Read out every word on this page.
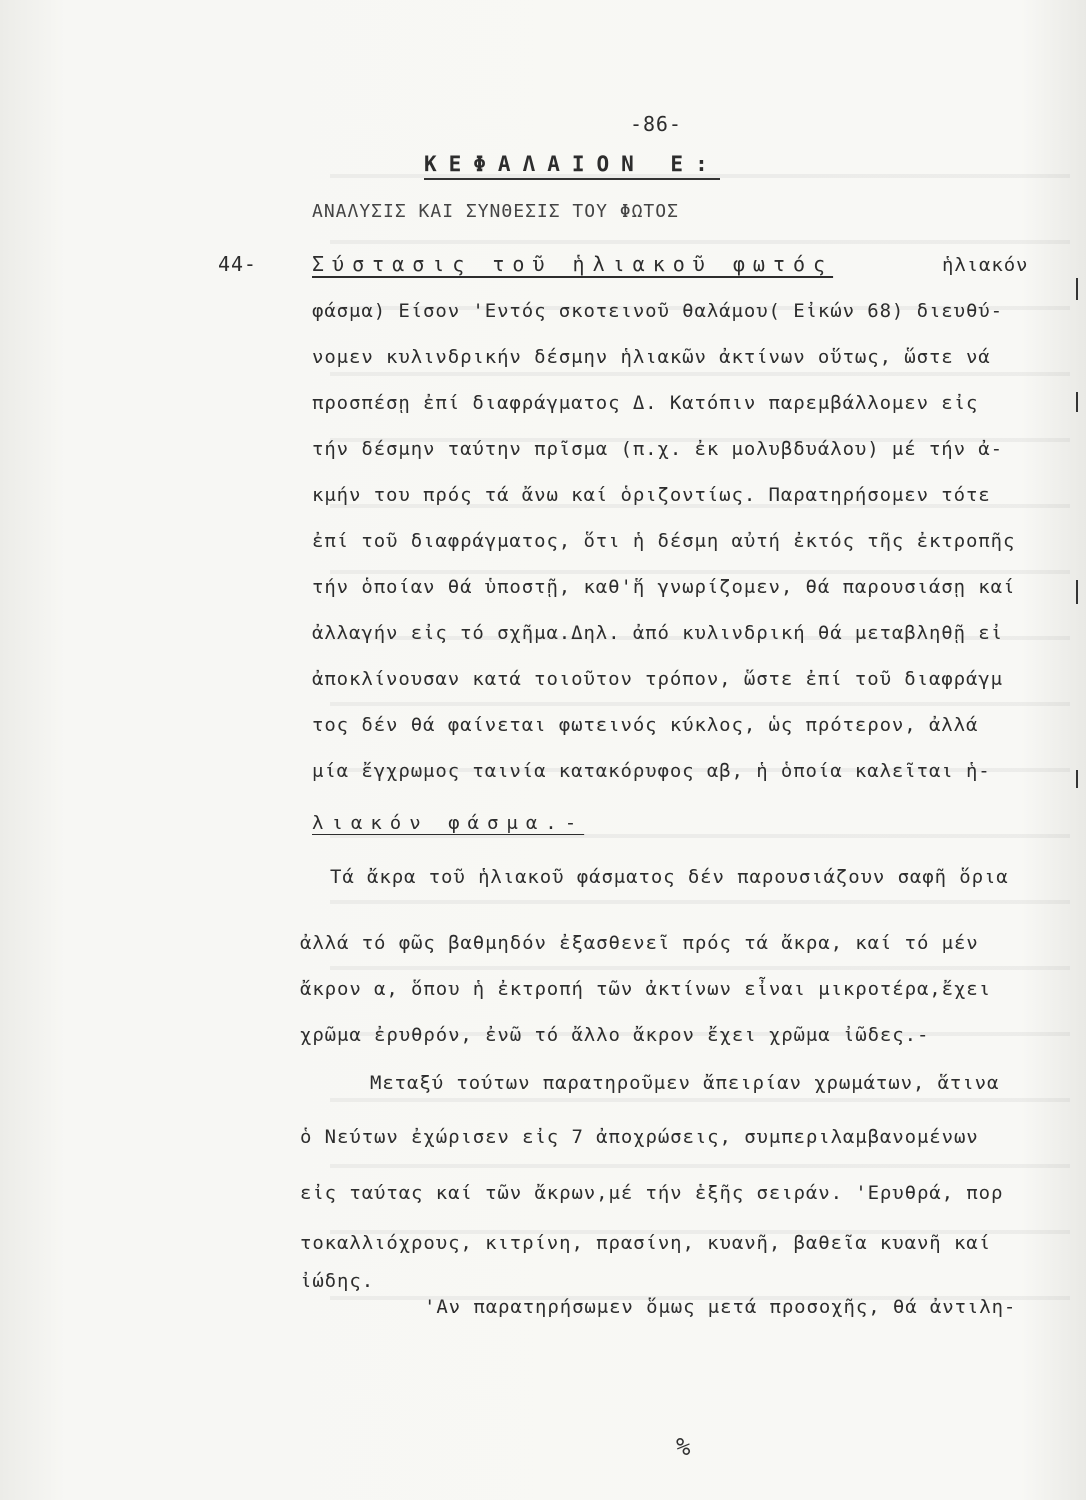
-86-
ΚΕΦΑΛΑΙΟΝ Ε:
ΑΝΑΛΥΣΙΣ ΚΑΙ ΣΥΝΘΕΣΙΣ ΤΟΥ ΦΩΤΟΣ
44-	Σύστασις τοῦ ἡλιακοῦ φωτός	ἡλιακόν
φάσμα) Είσον 'Εντός σκοτεινοῦ θαλάμου( Εἰκών 68) διευθύ-
νομεν κυλινδρικήν δέσμην ἡλιακῶν ἀκτίνων οὕτως, ὥστε νά
προσπέσῃ ἐπί διαφράγματος Δ. Κατόπιν παρεμβάλλομεν εἰς
τήν δέσμην ταύτην πρῖσμα (π.χ. ἐκ μολυβδυάλου) μέ τήν ἀ-
κμήν του πρός τά ἄνω καί ὁριζοντίως. Παρατηρήσομεν τότε
ἐπί τοῦ διαφράγματος, ὅτι ἡ δέσμη αὐτή ἐκτός τῆς ἐκτροπῆς
τήν ὁποίαν θά ὑποστῇ, καθ'ἥ γνωρίζομεν, θά παρουσιάσῃ καί
ἀλλαγήν εἰς τό σχῆμα.Δηλ. ἀπό κυλινδρική θά μεταβληθῇ εἰ
ἀποκλίνουσαν κατά τοιοῦτον τρόπον, ὥστε ἐπί τοῦ διαφράγμ
τος δέν θά φαίνεται φωτεινός κύκλος, ὡς πρότερον, ἀλλά
μία ἔγχρωμος ταινία κατακόρυφος αβ, ἡ ὁποία καλεῖται ἡ-
λιακόν φάσμα.-
Τά ἄκρα τοῦ ἡλιακοῦ φάσματος δέν παρουσιάζουν σαφῆ ὅρια
ἀλλά τό φῶς βαθμηδόν ἐξασθενεῖ πρός τά ἄκρα, καί τό μέν
ἄκρον α, ὅπου ἡ ἐκτροπή τῶν ἀκτίνων εἶναι μικροτέρα,ἔχει
χρῶμα ἐρυθρόν, ἐνῶ τό ἄλλο ἄκρον ἔχει χρῶμα ἰῶδες.-
Μεταξύ τούτων παρατηροῦμεν ἄπειρίαν χρωμάτων, ἅτινα
ὁ Νεύτων ἐχώρισεν εἰς 7 ἀποχρώσεις, συμπεριλαμβανομένων
εἰς ταύτας καί τῶν ἄκρων,μέ τήν ἑξῆς σειράν. 'Ερυθρά, πορ
τοκαλλιόχρους, κιτρίνη, πρασίνη, κυανῆ, βαθεῖα κυανῆ καί
ἰώδης.
'Αν παρατηρήσωμεν ὅμως μετά προσοχῆς, θά ἀντιλη-
%
